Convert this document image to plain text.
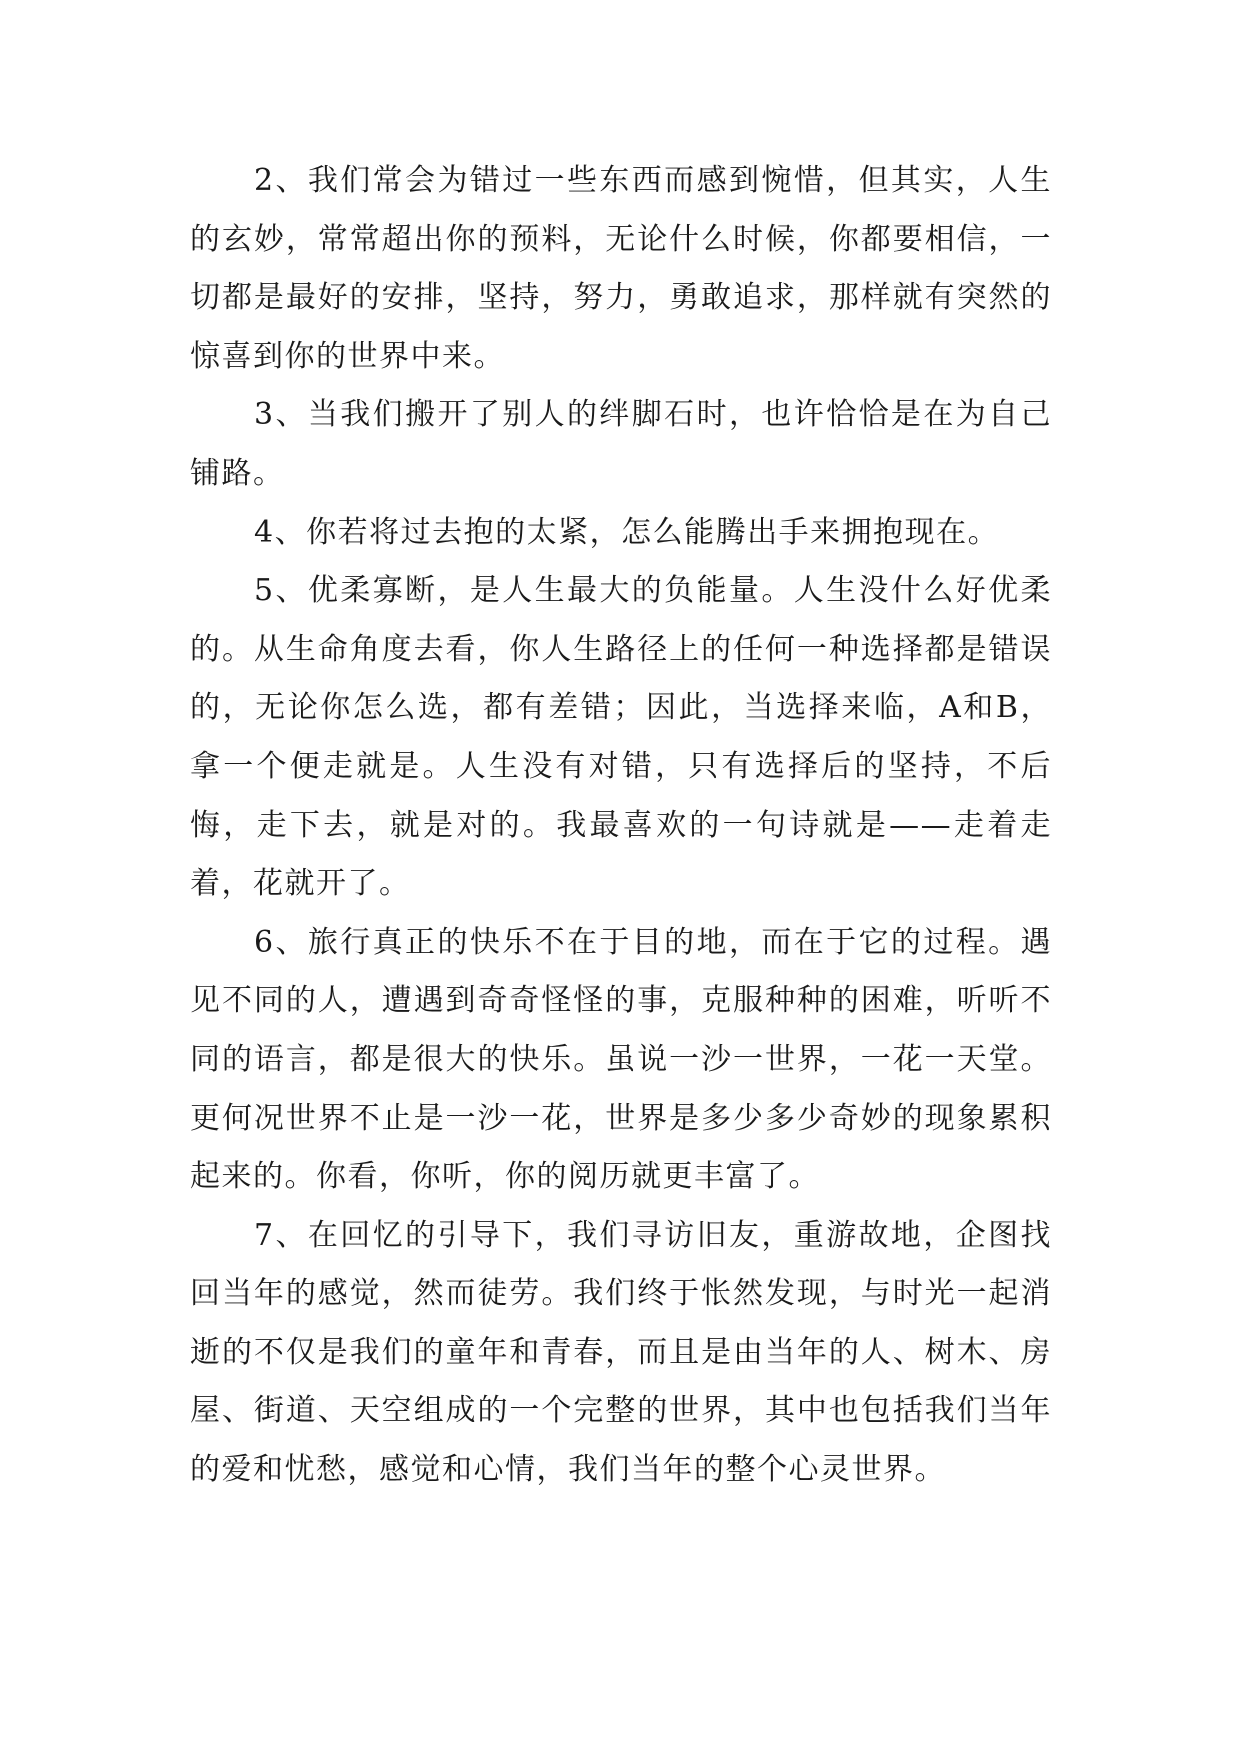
2、我们常会为错过一些东西而感到惋惜，但其实，人生的玄妙，常常超出你的预料，无论什么时候，你都要相信，一切都是最好的安排，坚持，努力，勇敢追求，那样就有突然的惊喜到你的世界中来。

3、当我们搬开了别人的绊脚石时，也许恰恰是在为自己铺路。

4、你若将过去抱的太紧，怎么能腾出手来拥抱现在。

5、优柔寡断，是人生最大的负能量。人生没什么好优柔的。从生命角度去看，你人生路径上的任何一种选择都是错误的，无论你怎么选，都有差错；因此，当选择来临，A和B，拿一个便走就是。人生没有对错，只有选择后的坚持，不后悔，走下去，就是对的。我最喜欢的一句诗就是——走着走着，花就开了。

6、旅行真正的快乐不在于目的地，而在于它的过程。遇见不同的人，遭遇到奇奇怪怪的事，克服种种的困难，听听不同的语言，都是很大的快乐。虽说一沙一世界，一花一天堂。更何况世界不止是一沙一花，世界是多少多少奇妙的现象累积起来的。你看，你听，你的阅历就更丰富了。

7、在回忆的引导下，我们寻访旧友，重游故地，企图找回当年的感觉，然而徒劳。我们终于怅然发现，与时光一起消逝的不仅是我们的童年和青春，而且是由当年的人、树木、房屋、街道、天空组成的一个完整的世界，其中也包括我们当年的爱和忧愁，感觉和心情，我们当年的整个心灵世界。
